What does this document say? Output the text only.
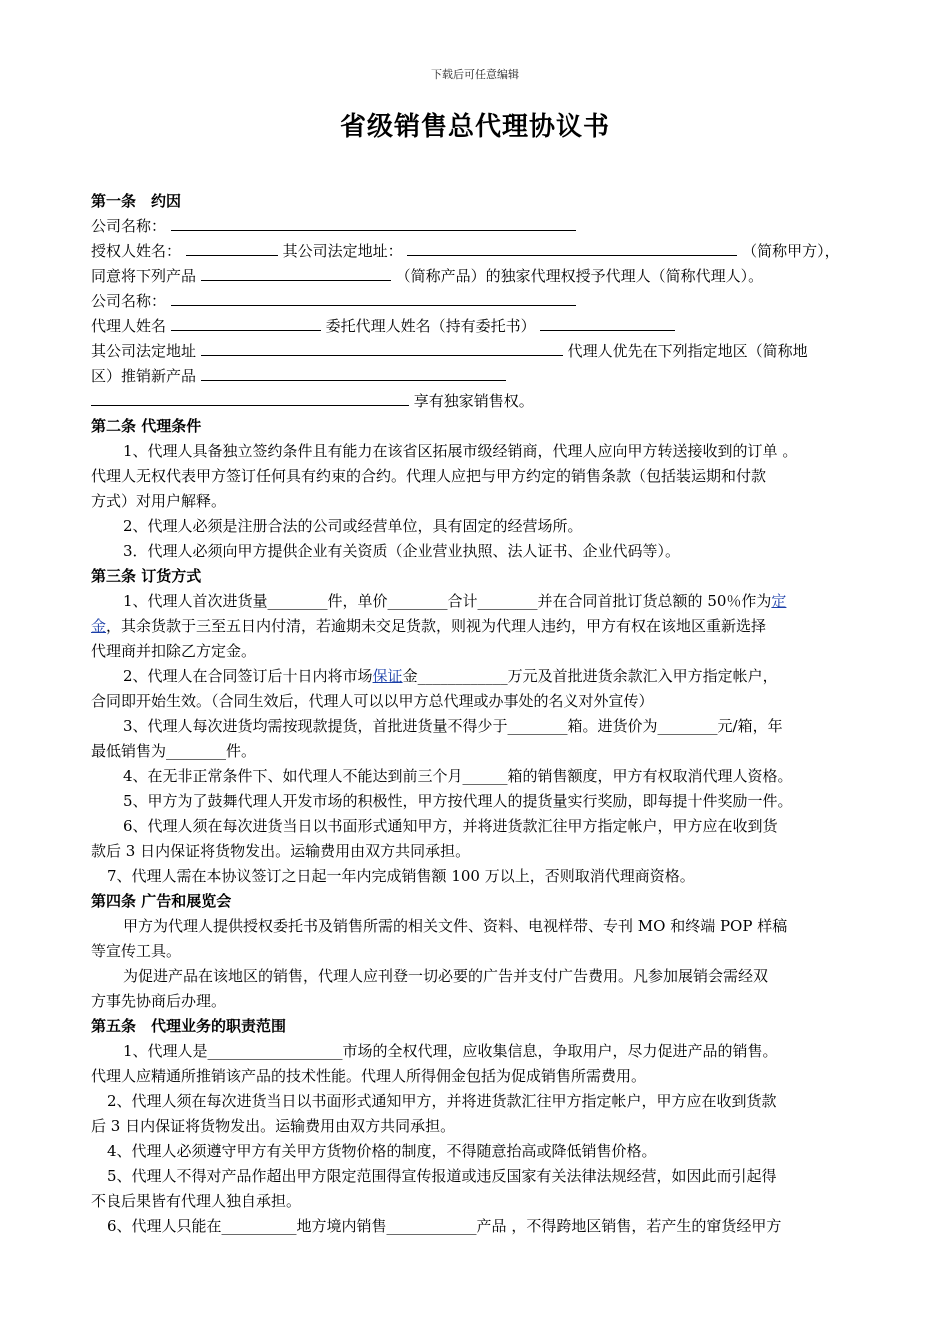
下载后可任意编辑
省级销售总代理协议书
第一条　约因
公司名称：
授权人姓名：	其公司法定地址：	（简称甲方），
同意将下列产品	（简称产品）的独家代理权授予代理人（简称代理人）。
公司名称：
代理人姓名	委托代理人姓名（持有委托书）
其公司法定地址	代理人优先在下列指定地区（简称地
区）推销新产品
享有独家销售权。
第二条 代理条件
1、代理人具备独立签约条件且有能力在该省区拓展市级经销商，代理人应向甲方转送接收到的订单 。
代理人无权代表甲方签订任何具有约束的合约。代理人应把与甲方约定的销售条款（包括装运期和付款
方式）对用户解释。
2、代理人必须是注册合法的公司或经营单位，具有固定的经营场所。
3．代理人必须向甲方提供企业有关资质（企业营业执照、法人证书、企业代码等）。
第三条 订货方式
1、代理人首次进货量________件，单价________合计________并在合同首批订货总额的 50％作为定
金，其余货款于三至五日内付清，若逾期未交足货款，则视为代理人违约，甲方有权在该地区重新选择
代理商并扣除乙方定金。
2、代理人在合同签订后十日内将市场保证金____________万元及首批进货余款汇入甲方指定帐户，
合同即开始生效。（合同生效后，代理人可以以甲方总代理或办事处的名义对外宣传）
3、代理人每次进货均需按现款提货，首批进货量不得少于________箱。进货价为________元/箱，年
最低销售为________件。
4、在无非正常条件下、如代理人不能达到前三个月______箱的销售额度，甲方有权取消代理人资格。
5、甲方为了鼓舞代理人开发市场的积极性，甲方按代理人的提货量实行奖励，即每提十件奖励一件。
6、代理人须在每次进货当日以书面形式通知甲方，并将进货款汇往甲方指定帐户，甲方应在收到货
款后 3 日内保证将货物发出。运输费用由双方共同承担。
7、代理人需在本协议签订之日起一年内完成销售额 100 万以上，否则取消代理商资格。
第四条 广告和展览会
甲方为代理人提供授权委托书及销售所需的相关文件、资料、电视样带、专刊 MO 和终端 POP 样稿
等宣传工具。
为促进产品在该地区的销售，代理人应刊登一切必要的广告并支付广告费用。凡参加展销会需经双
方事先协商后办理。
第五条　代理业务的职责范围
1、代理人是__________________市场的全权代理，应收集信息，争取用户，尽力促进产品的销售。
代理人应精通所推销该产品的技术性能。代理人所得佣金包括为促成销售所需费用。
2、代理人须在每次进货当日以书面形式通知甲方，并将进货款汇往甲方指定帐户，甲方应在收到货款
后 3 日内保证将货物发出。运输费用由双方共同承担。
4、代理人必须遵守甲方有关甲方货物价格的制度，不得随意抬高或降低销售价格。
5、代理人不得对产品作超出甲方限定范围得宣传报道或违反国家有关法律法规经营，如因此而引起得
不良后果皆有代理人独自承担。
6、代理人只能在__________地方境内销售____________产品 ，不得跨地区销售，若产生的窜货经甲方
